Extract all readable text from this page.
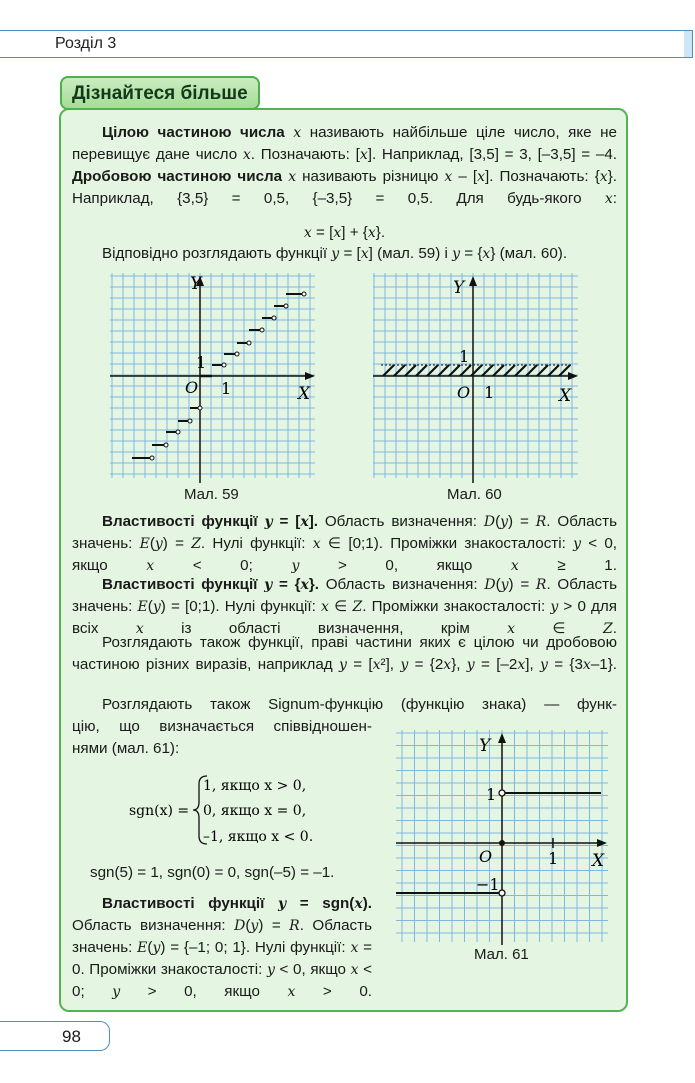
Розділ 3
Дізнайтеся більше
Цілою частиною числа x називають найбільше ціле число, яке не перевищує дане число x. Позначають: [x]. Наприклад, [3,5] = 3, [–3,5] = –4. Дробовою частиною числа x називають різницю x – [x]. Позначають: {x}. Наприклад, {3,5} = 0,5, {–3,5} = 0,5. Для будь-якого x:
x = [x] + {x}.
Відповідно розглядають функції y = [x] (мал. 59) і y = {x} (мал. 60).
Y
X
O 1
1
Мал. 59
Y
X
O 1
1
Мал. 60
Властивості функції y = [x]. Область визначення: D(y) = R. Область значень: E(y) = Z. Нулі функції: x ∈ [0;1). Проміжки знакосталості: y < 0, якщо x < 0; y > 0, якщо x ≥ 1.
Властивості функції y = {x}. Область визначення: D(y) = R. Область значень: E(y) = [0;1). Нулі функції: x ∈ Z. Проміжки знакосталості: y > 0 для всіх x із області визначення, крім x ∈ Z.
Розглядають також функції, праві частини яких є цілою чи дробовою частиною різних виразів, наприклад y = [x²], y = {2x}, y = [–2x], y = {3x–1}.
Розглядають також Signum-функцію (функцію знака) — функ-
цію, що визначається співвідношен-
нями (мал. 61):
sgn(x) =
1, якщо x > 0,
0, якщо x = 0,
–1, якщо x < 0.
sgn(5) = 1, sgn(0) = 0, sgn(–5) = –1.
Властивості функції y = sgn(x). Область визначення: D(y) = R. Область значень: E(y) = {–1; 0; 1}. Нулі функції: x = 0. Проміжки знакосталості: y < 0, якщо x < 0; y > 0, якщо x > 0.
Y
X
O	1
1
−1
Мал. 61
98
